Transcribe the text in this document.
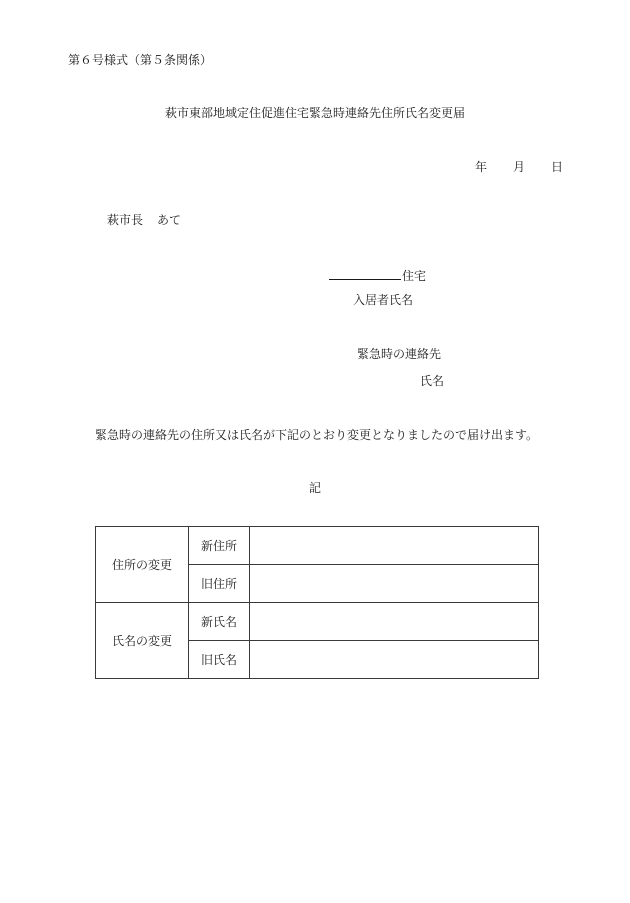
第６号様式（第５条関係）
萩市東部地域定住促進住宅緊急時連絡先住所氏名変更届
年 月 日
萩市長 あて
住宅
入居者氏名
緊急時の連絡先
氏名
緊急時の連絡先の住所又は氏名が下記のとおり変更となりましたので届け出ます。
記
住所の変更	新住所	
	旧住所	
氏名の変更	新氏名	
	旧氏名	
